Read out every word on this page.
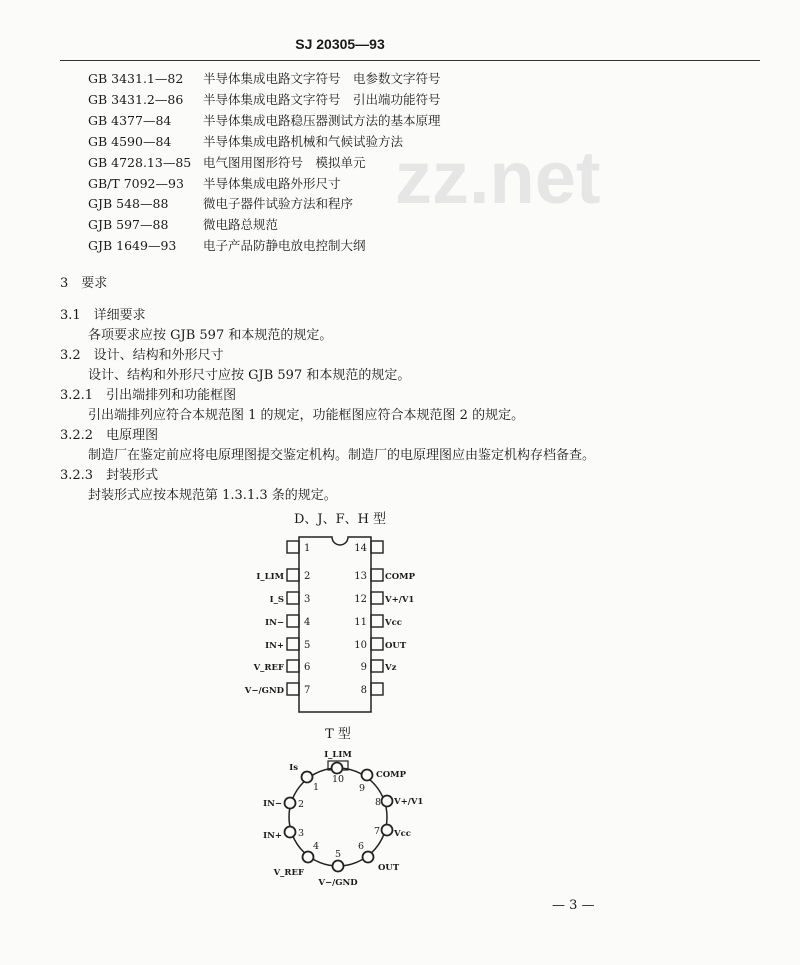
zz.net
SJ 20305—93
GB 3431.1—82 半导体集成电路文字符号　电参数文字符号
GB 3431.2—86 半导体集成电路文字符号　引出端功能符号
GB 4377—84	半导体集成电路稳压器测试方法的基本原理
GB 4590—84	半导体集成电路机械和气候试验方法
GB 4728.13—85 电气图用图形符号　模拟单元
GB/T 7092—93 半导体集成电路外形尺寸
GJB 548—88	微电子器件试验方法和程序
GJB 597—88	微电路总规范
GJB 1649—93 电子产品防静电放电控制大纲
3　要求
3.1　详细要求
各项要求应按 GJB 597 和本规范的规定。
3.2　设计、结构和外形尺寸
设计、结构和外形尺寸应按 GJB 597 和本规范的规定。
3.2.1　引出端排列和功能框图
引出端排列应符合本规范图 1 的规定，功能框图应符合本规范图 2 的规定。
3.2.2　电原理图
制造厂在鉴定前应将电原理图提交鉴定机构。制造厂的电原理图应由鉴定机构存档备查。
3.2.3　封装形式
封装形式应按本规范第 1.3.1.3 条的规定。
D、J、F、H 型
1
2
I_LIM
3
I_S
4
IN−
5
IN+
6
V_REF
7
V−/GND
14
13 COMP
12 V+/V1
11 Vcc
10 OUT
9 Vz
8
T 型
10
I_LIM
1
Is
9
COMP
2
IN−	8 V+/V1
3
IN+	7 Vcc
4
V_REF
6
OUT
5
V−/GND
— 3 —
